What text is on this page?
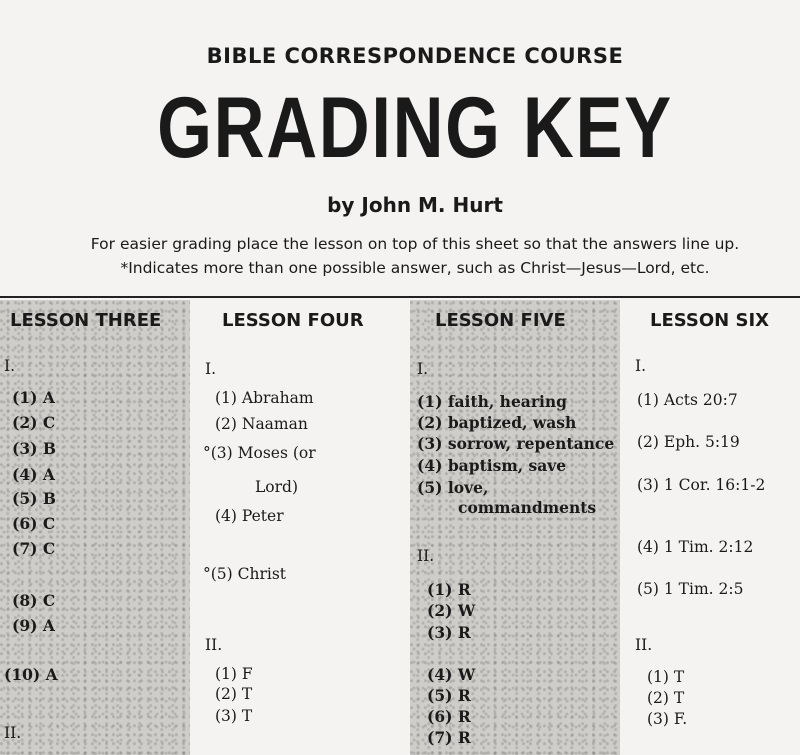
BIBLE CORRESPONDENCE COURSE
GRADING KEY
by John M. Hurt
For easier grading place the lesson on top of this sheet so that the answers line up.
*Indicates more than one possible answer, such as Christ—Jesus—Lord, etc.
LESSON THREE
I.
(1) A
(2) C
(3) B
(4) A
(5) B
(6) C
(7) C
(8) C
(9) A
(10) A
II.
LESSON FOUR
I.
(1) Abraham
(2) Naaman
°(3) Moses (or
Lord)
(4) Peter
°(5) Christ
II.
(1) F
(2) T
(3) T
LESSON FIVE
I.
(1) faith, hearing
(2) baptized, wash
(3) sorrow, repentance
(4) baptism, save
(5) love,
commandments
II.
(1) R
(2) W
(3) R
(4) W
(5) R
(6) R
(7) R
LESSON SIX
I.
(1) Acts 20:7
(2) Eph. 5:19
(3) 1 Cor. 16:1-2
(4) 1 Tim. 2:12
(5) 1 Tim. 2:5
II.
(1) T
(2) T
(3) F.
